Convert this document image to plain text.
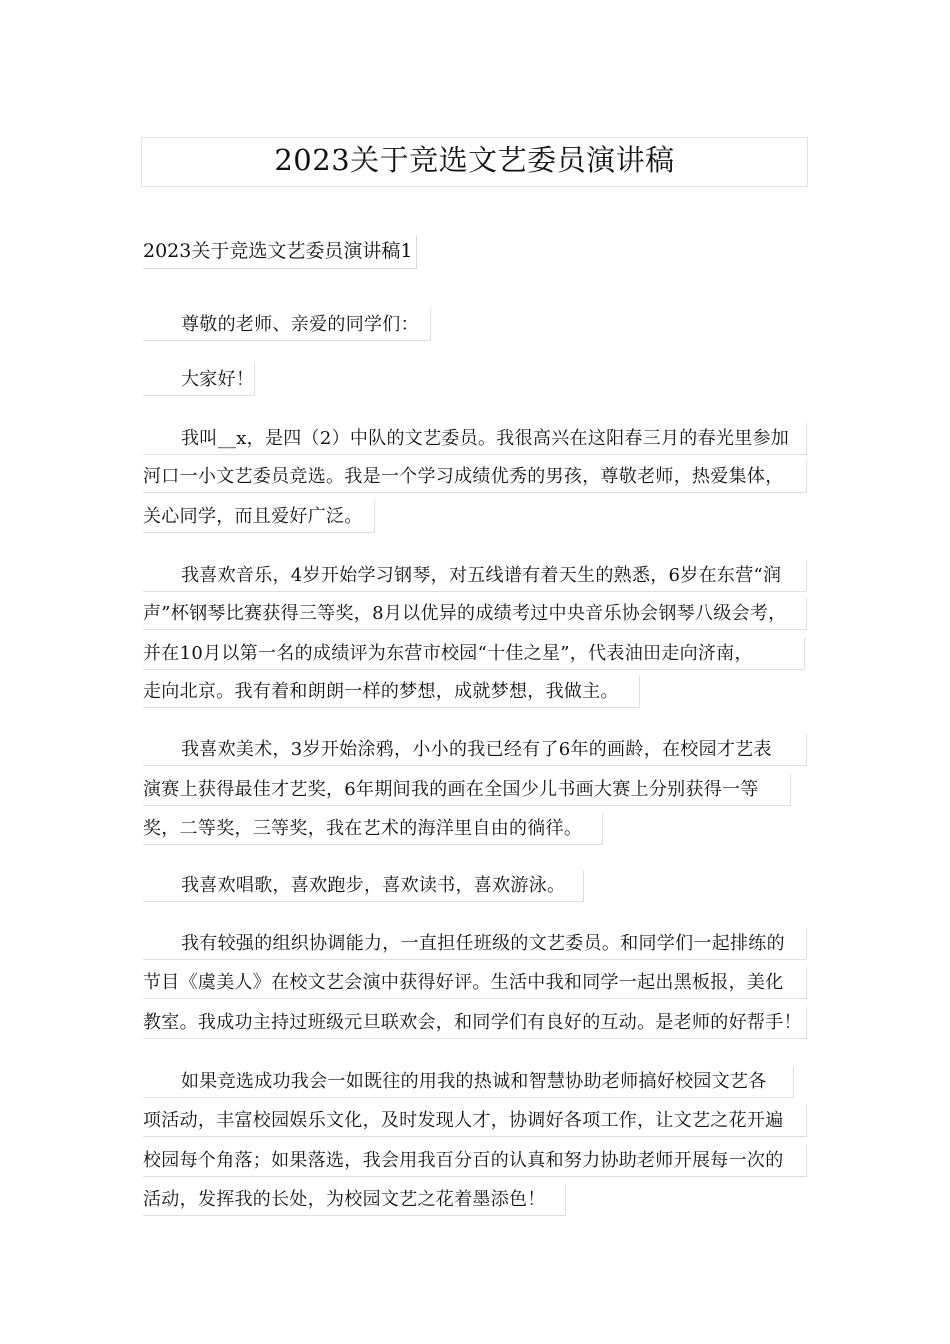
2023关于竞选文艺委员演讲稿
2023关于竞选文艺委员演讲稿1
尊敬的老师、亲爱的同学们：
大家好！
我叫__x，是四（2）中队的文艺委员。我很高兴在这阳春三月的春光里参加
河口一小文艺委员竞选。我是一个学习成绩优秀的男孩，尊敬老师，热爱集体，
关心同学，而且爱好广泛。
我喜欢音乐，4岁开始学习钢琴，对五线谱有着天生的熟悉，6岁在东营“润
声”杯钢琴比赛获得三等奖，8月以优异的成绩考过中央音乐协会钢琴八级会考，
并在10月以第一名的成绩评为东营市校园“十佳之星”，代表油田走向济南，
走向北京。我有着和朗朗一样的梦想，成就梦想，我做主。
我喜欢美术，3岁开始涂鸦，小小的我已经有了6年的画龄，在校园才艺表
演赛上获得最佳才艺奖，6年期间我的画在全国少儿书画大赛上分别获得一等
奖，二等奖，三等奖，我在艺术的海洋里自由的徜徉。
我喜欢唱歌，喜欢跑步，喜欢读书，喜欢游泳。
我有较强的组织协调能力，一直担任班级的文艺委员。和同学们一起排练的
节目《虞美人》在校文艺会演中获得好评。生活中我和同学一起出黑板报，美化
教室。我成功主持过班级元旦联欢会，和同学们有良好的互动。是老师的好帮手！
如果竞选成功我会一如既往的用我的热诚和智慧协助老师搞好校园文艺各
项活动，丰富校园娱乐文化，及时发现人才，协调好各项工作，让文艺之花开遍
校园每个角落；如果落选，我会用我百分百的认真和努力协助老师开展每一次的
活动，发挥我的长处，为校园文艺之花着墨添色！
